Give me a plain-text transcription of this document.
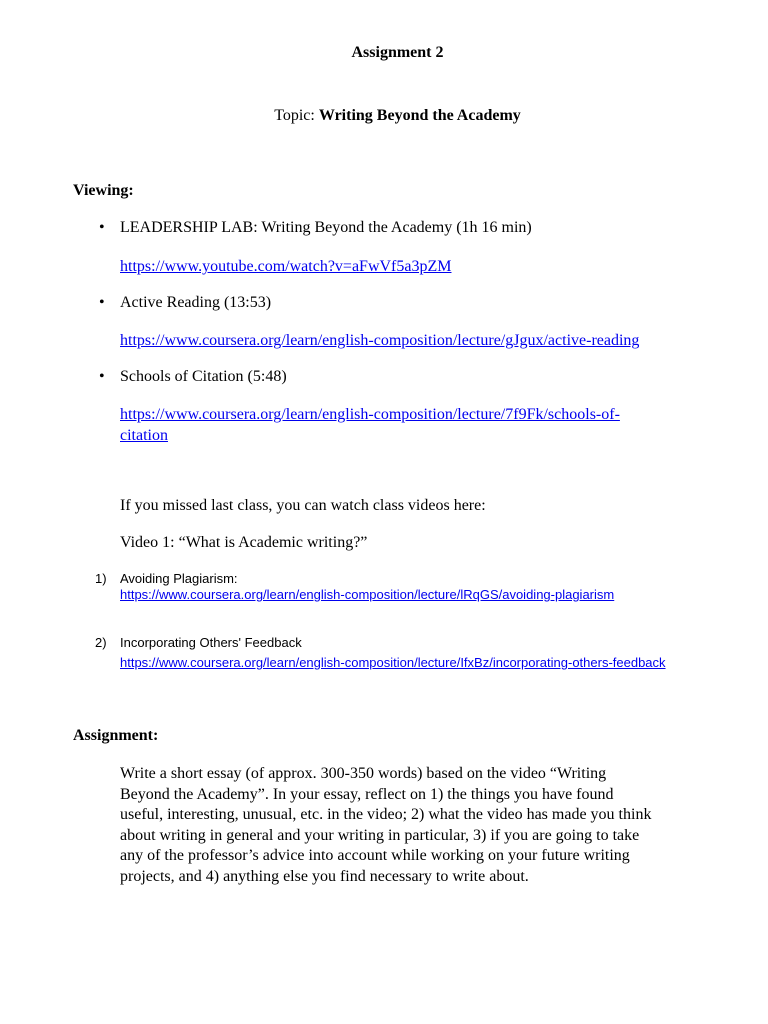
Assignment 2
Topic: Writing Beyond the Academy
Viewing:
• LEADERSHIP LAB: Writing Beyond the Academy (1h 16 min)
https://www.youtube.com/watch?v=aFwVf5a3pZM
• Active Reading (13:53)
https://www.coursera.org/learn/english-composition/lecture/gJgux/active-reading
• Schools of Citation (5:48)
https://www.coursera.org/learn/english-composition/lecture/7f9Fk/schools-of-
citation
If you missed last class, you can watch class videos here:
Video 1: “What is Academic writing?”
1) Avoiding Plagiarism:
https://www.coursera.org/learn/english-composition/lecture/lRqGS/avoiding-plagiarism
2) Incorporating Others' Feedback
https://www.coursera.org/learn/english-composition/lecture/IfxBz/incorporating-others-feedback
Assignment:
Write a short essay (of approx. 300-350 words) based on the video “Writing
Beyond the Academy”. In your essay, reflect on 1) the things you have found
useful, interesting, unusual, etc. in the video; 2) what the video has made you think
about writing in general and your writing in particular, 3) if you are going to take
any of the professor’s advice into account while working on your future writing
projects, and 4) anything else you find necessary to write about.
